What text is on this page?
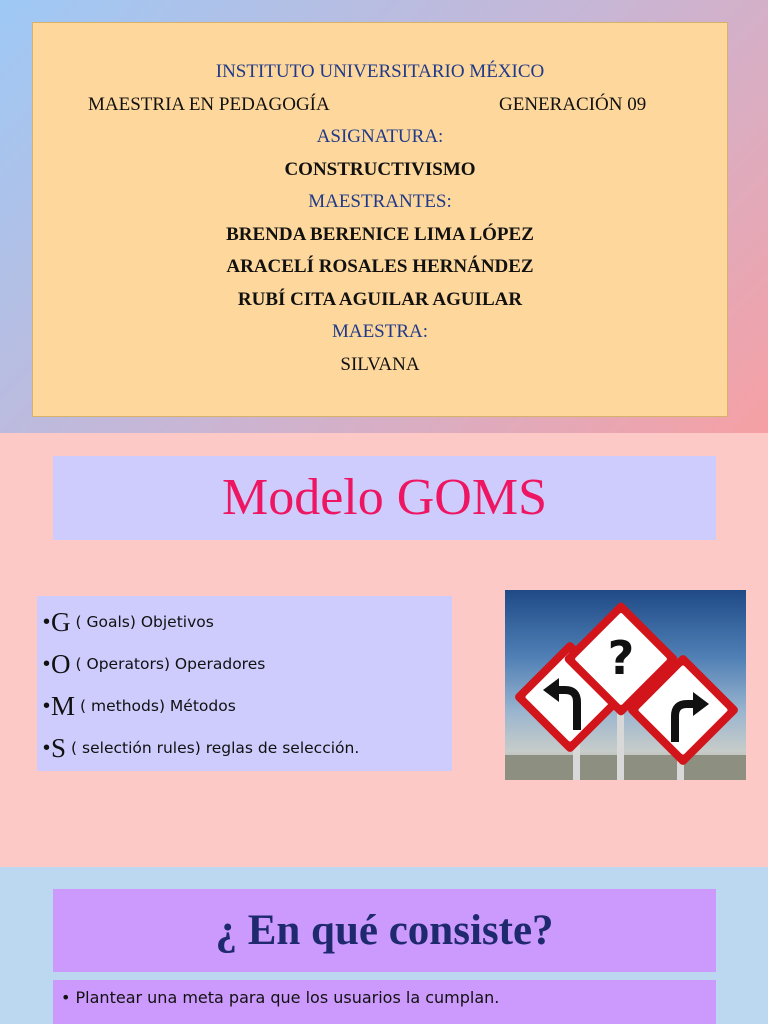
INSTITUTO UNIVERSITARIO MÉXICO
MAESTRIA EN PEDAGOGÍA	GENERACIÓN 09
ASIGNATURA:
CONSTRUCTIVISMO
MAESTRANTES:
BRENDA BERENICE LIMA LÓPEZ
ARACELÍ ROSALES HERNÁNDEZ
RUBÍ CITA AGUILAR AGUILAR
MAESTRA:
SILVANA
Modelo GOMS
• G ( Goals) Objetivos
• O ( Operators) Operadores
• M ( methods) Métodos
• S ( selectión rules) reglas de selección.
?
¿ En qué consiste?
• Plantear una meta para que los usuarios la cumplan.
